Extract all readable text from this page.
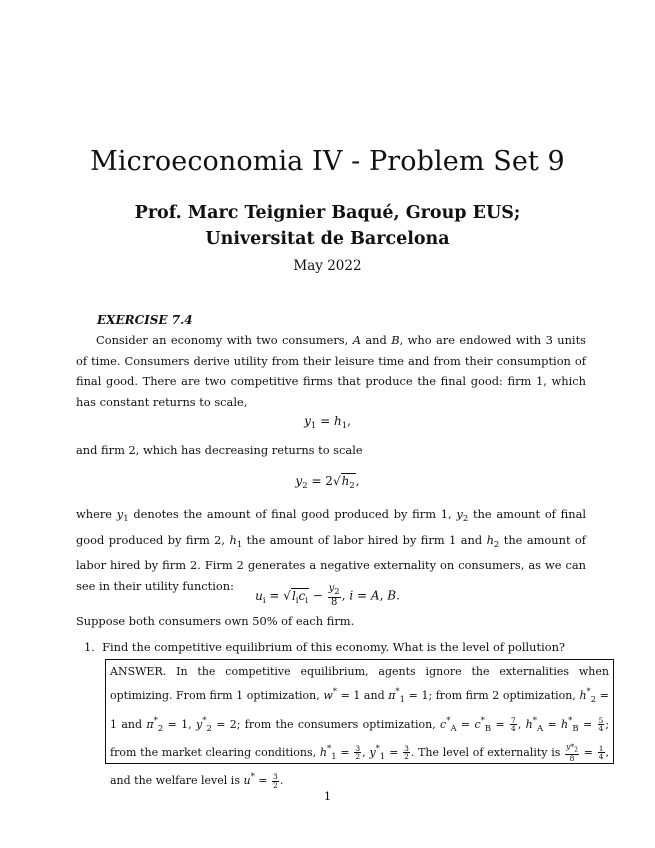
Microeconomia IV - Problem Set 9
Prof. Marc Teignier Baqué, Group EUS;
Universitat de Barcelona
May 2022
EXERCISE 7.4

Consider an economy with two consumers, A and B, who are endowed with 3 units of time. Consumers derive utility from their leisure time and from their consumption of final good. There are two competitive firms that produce the final good: firm 1, which has constant returns to scale,

$y_1 = h_1$,

and firm 2, which has decreasing returns to scale

$y_2 = 2√h_2$,

where $y_1$ denotes the amount of final good produced by firm 1, $y_2$ the amount of final good produced by firm 2, $h_1$ the amount of labor hired by firm 1 and $h_2$ the amount of labor hired by firm 2. Firm 2 generates a negative externality on consumers, as we can see in their utility function:

$u_i = √l_ic_i - \frac{y_2}{8}$ , i = A, B.

Suppose both consumers own 50% of each firm.

1. Find the competitive equilibrium of this economy. What is the level of pollution?

ANSWER. In the competitive equilibrium, agents ignore the externalities when optimizing. From firm 1 optimization, w* = 1 and $\pi^*_1 = 1$; from firm 2 optimization, $h^*_2 = 1$ and $\pi^*_2 = 1$, $y^*_2 = 2$; from the consumers optimization, $c^*_A = c^*_B = \frac{7}{4}$ , $h^*_A = h^*_B = \frac{5}{4}$ ; from the market clearing conditions, $h^*_1 = \frac{3}{2}$ , $y^*_1 = \frac{3}{2}$ . The level of externality is $\frac{y*_2}{8} = \frac{1}{4}$ , and the welfare level is $u^* = \frac{3}{2}$ .

1
